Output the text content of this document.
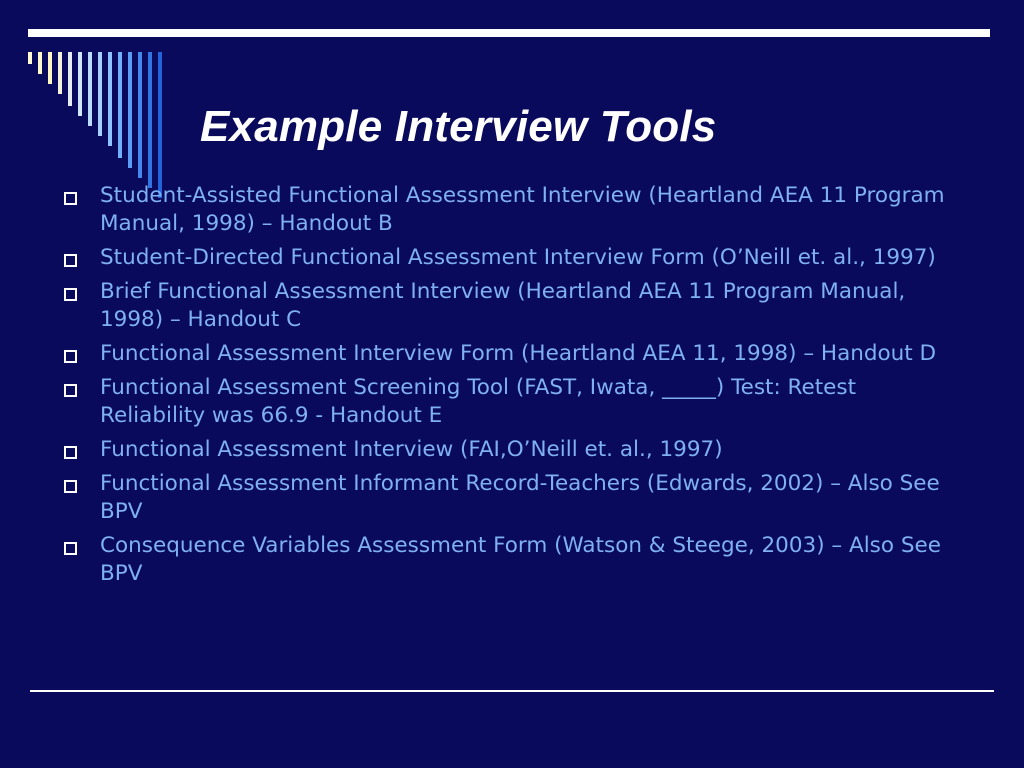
Example Interview Tools
Student-Assisted Functional Assessment Interview (Heartland AEA 11 Program Manual, 1998) – Handout B
Student-Directed Functional Assessment Interview Form (O’Neill et. al., 1997)
Brief Functional Assessment Interview (Heartland AEA 11 Program Manual, 1998) – Handout C
Functional Assessment Interview Form (Heartland AEA 11, 1998) – Handout D
Functional Assessment Screening Tool (FAST, Iwata, _____) Test: Retest Reliability was 66.9 - Handout E
Functional Assessment Interview (FAI,O’Neill et. al., 1997)
Functional Assessment Informant Record-Teachers (Edwards, 2002) – Also See BPV
Consequence Variables Assessment Form (Watson & Steege, 2003) – Also See BPV
